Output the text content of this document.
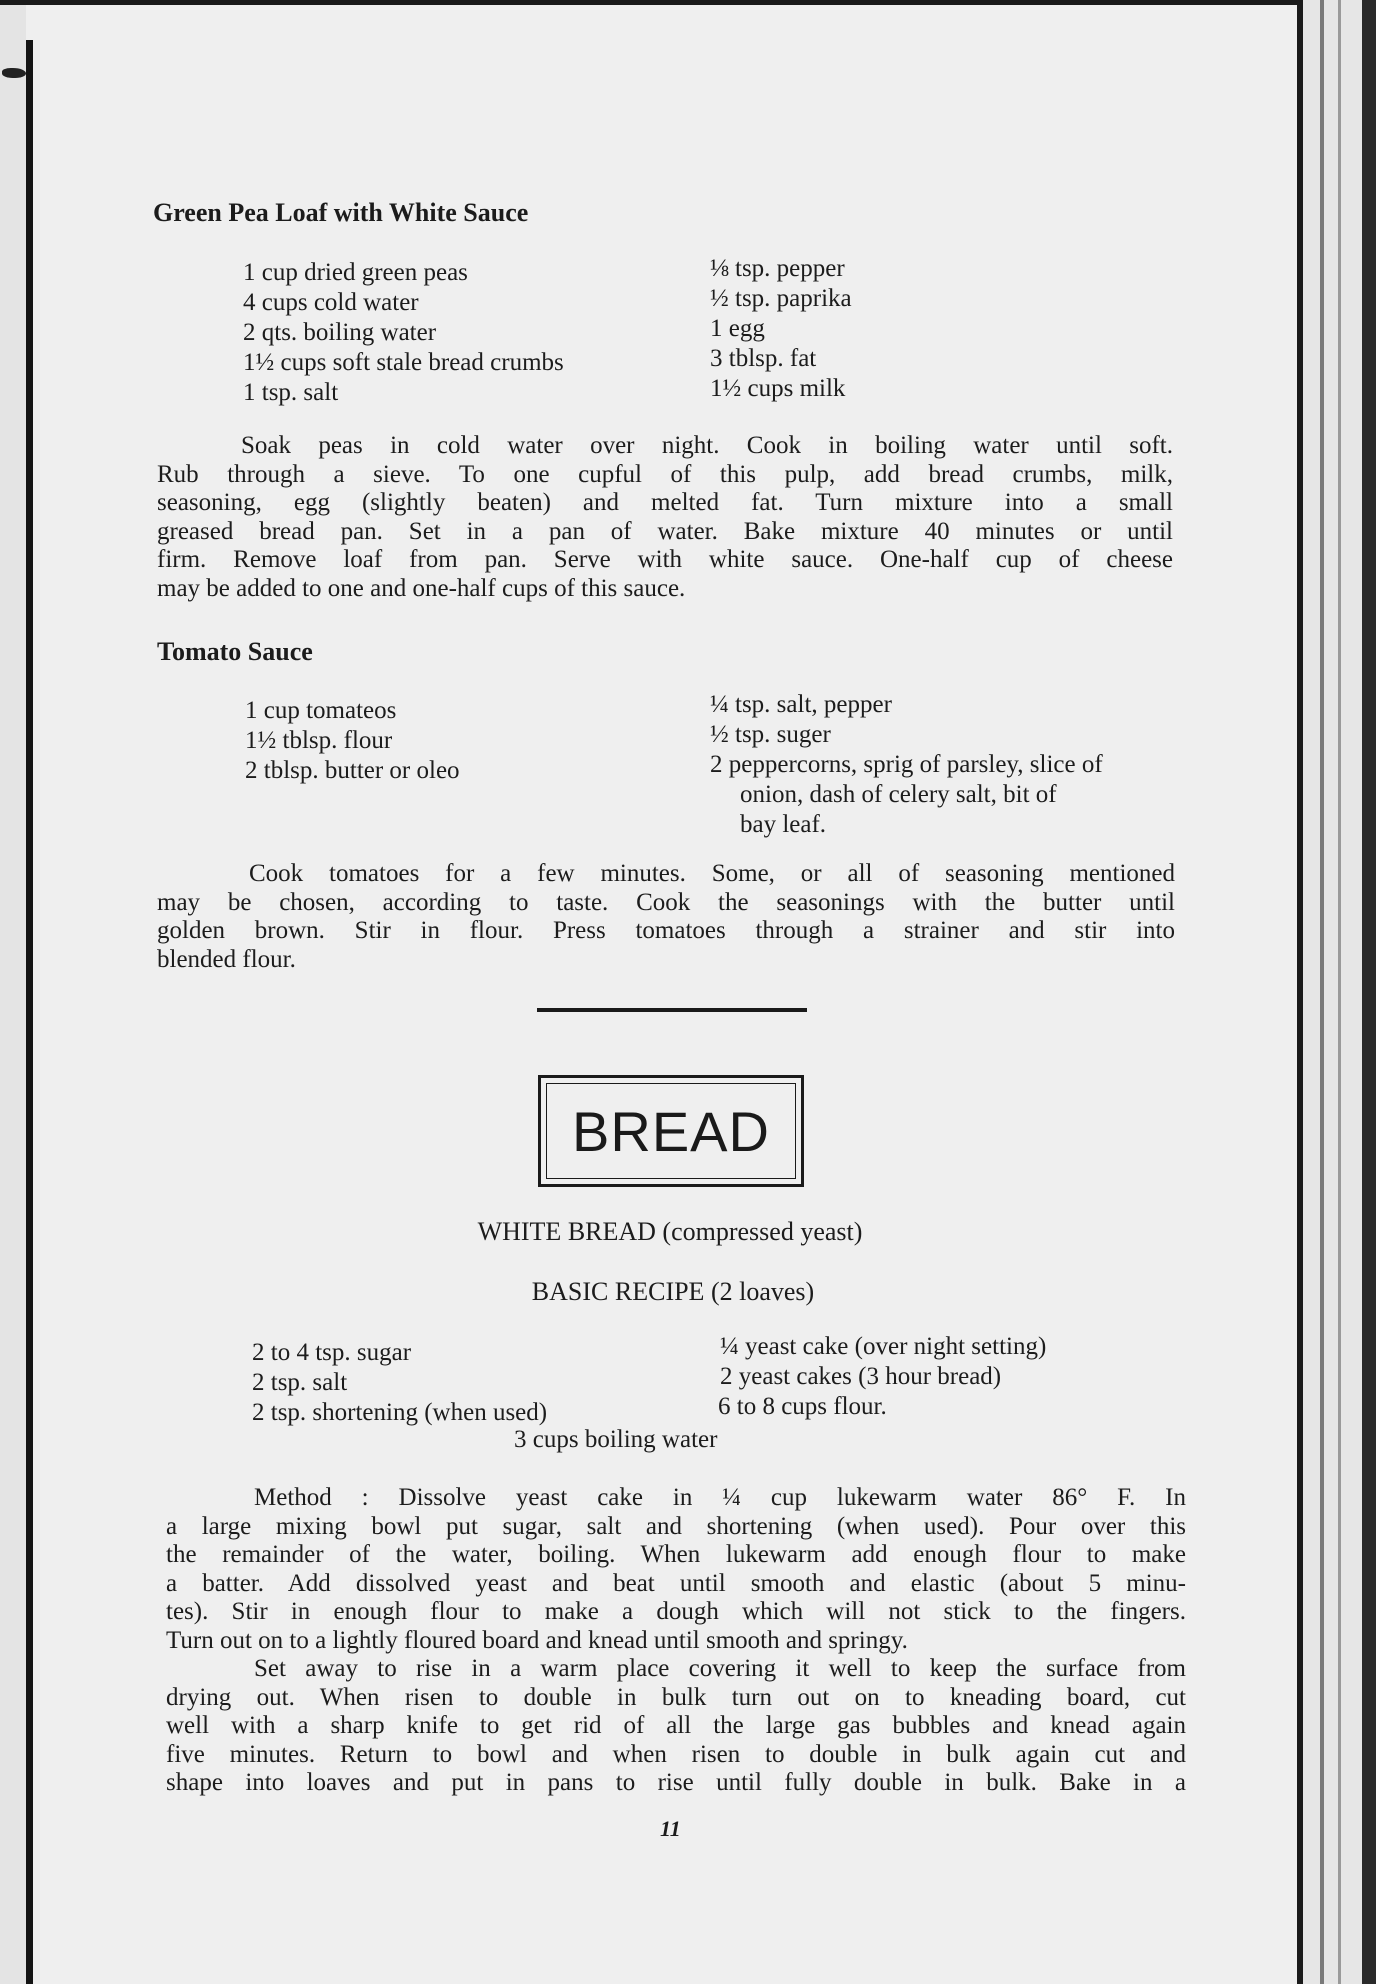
Green Pea Loaf with White Sauce
1 cup dried green peas
4 cups cold water
2 qts. boiling water
1½ cups soft stale bread crumbs
1 tsp. salt
⅛ tsp. pepper
½ tsp. paprika
1 egg
3 tblsp. fat
1½ cups milk
Soak peas in cold water over night. Cook in boiling water until soft.
Rub through a sieve. To one cupful of this pulp, add bread crumbs, milk,
seasoning, egg (slightly beaten) and melted fat. Turn mixture into a small
greased bread pan. Set in a pan of water. Bake mixture 40 minutes or until
firm. Remove loaf from pan. Serve with white sauce. One-half cup of cheese
may be added to one and one-half cups of this sauce.
Tomato Sauce
1 cup tomateos
1½ tblsp. flour
2 tblsp. butter or oleo
¼ tsp. salt, pepper
½ tsp. suger
2 peppercorns, sprig of parsley, slice of
onion, dash of celery salt, bit of
bay leaf.
Cook tomatoes for a few minutes. Some, or all of seasoning mentioned
may be chosen, according to taste. Cook the seasonings with the butter until
golden brown. Stir in flour. Press tomatoes through a strainer and stir into
blended flour.
BREAD
WHITE BREAD (compressed yeast)
BASIC RECIPE (2 loaves)
2 to 4 tsp. sugar
2 tsp. salt
2 tsp. shortening (when used)
¼ yeast cake (over night setting)
2 yeast cakes (3 hour bread)
6 to 8 cups flour.
3 cups boiling water
Method : Dissolve yeast cake in ¼ cup lukewarm water 86° F. In
a large mixing bowl put sugar, salt and shortening (when used). Pour over this
the remainder of the water, boiling. When lukewarm add enough flour to make
a batter. Add dissolved yeast and beat until smooth and elastic (about 5 minu-
tes). Stir in enough flour to make a dough which will not stick to the fingers.
Turn out on to a lightly floured board and knead until smooth and springy.
Set away to rise in a warm place covering it well to keep the surface from
drying out. When risen to double in bulk turn out on to kneading board, cut
well with a sharp knife to get rid of all the large gas bubbles and knead again
five minutes. Return to bowl and when risen to double in bulk again cut and
shape into loaves and put in pans to rise until fully double in bulk. Bake in a
11
